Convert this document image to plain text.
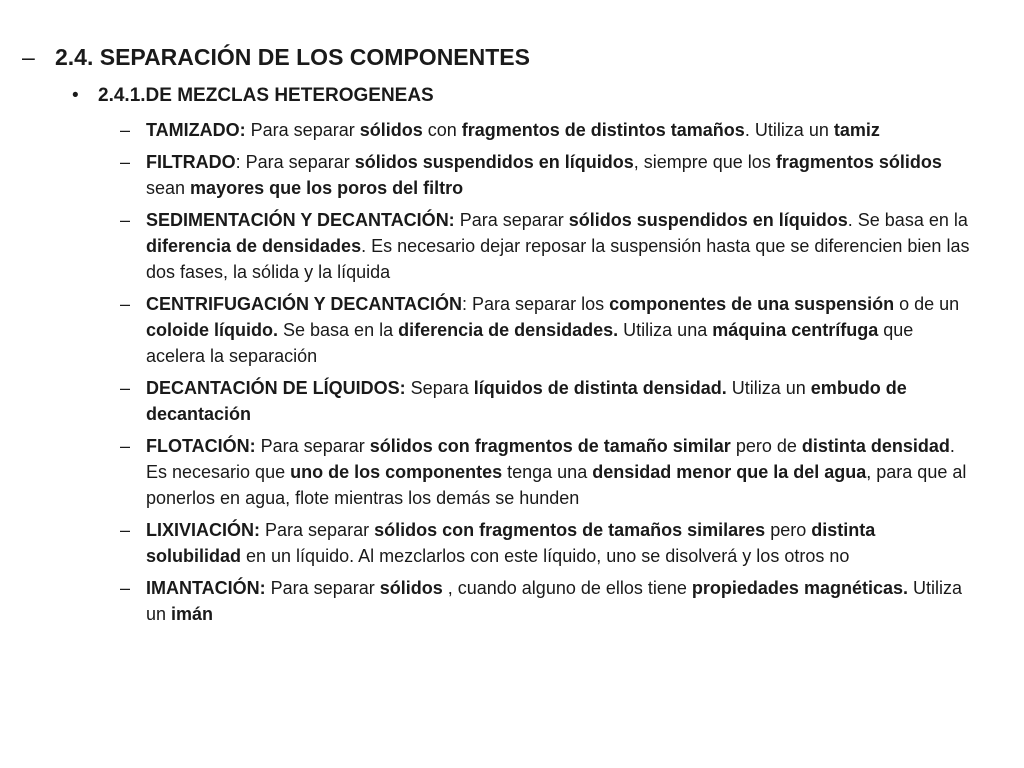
– 2.4. SEPARACIÓN DE LOS COMPONENTES
•	2.4.1.DE MEZCLAS HETEROGENEAS
– TAMIZADO: Para separar sólidos con fragmentos de distintos tamaños. Utiliza un tamiz
– FILTRADO: Para separar sólidos suspendidos en líquidos, siempre que los fragmentos sólidos sean mayores que los poros del filtro
– SEDIMENTACIÓN Y DECANTACIÓN: Para separar sólidos suspendidos en líquidos. Se basa en la diferencia de densidades. Es necesario dejar reposar la suspensión hasta que se diferencien bien las dos fases, la sólida y la líquida
– CENTRIFUGACIÓN Y DECANTACIÓN: Para separar los componentes de una suspensión o de un coloide líquido. Se basa en la diferencia de densidades. Utiliza una máquina centrífuga que acelera la separación
– DECANTACIÓN DE LÍQUIDOS: Separa líquidos de distinta densidad. Utiliza un embudo de decantación
– FLOTACIÓN: Para separar sólidos con fragmentos de tamaño similar pero de distinta densidad. Es necesario que uno de los componentes tenga una densidad menor que la del agua, para que al ponerlos en agua, flote mientras los demás se hunden
– LIXIVIACIÓN: Para separar sólidos con fragmentos de tamaños similares pero distinta solubilidad en un líquido. Al mezclarlos con este líquido, uno se disolverá y los otros no
– IMANTACIÓN: Para separar sólidos , cuando alguno de ellos tiene propiedades magnéticas. Utiliza un imán
